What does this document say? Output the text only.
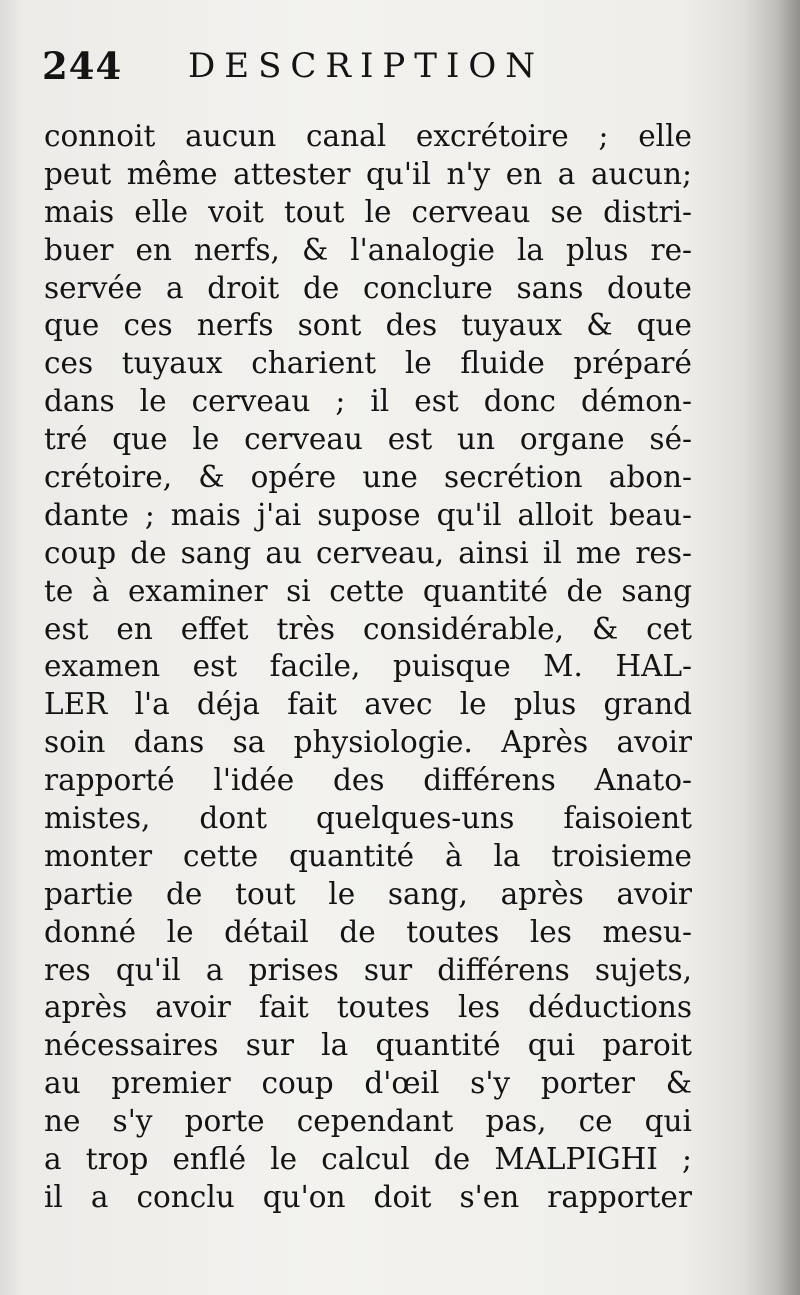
244 DESCRIPTION
connoit aucun canal excrétoire ; elle
peut même attester qu'il n'y en a aucun;
mais elle voit tout le cerveau se distri-
buer en nerfs, & l'analogie la plus re-
servée a droit de conclure sans doute
que ces nerfs sont des tuyaux & que
ces tuyaux charient le fluide préparé
dans le cerveau ; il est donc démon-
tré que le cerveau est un organe sé-
crétoire, & opére une secrétion abon-
dante ; mais j'ai supose qu'il alloit beau-
coup de sang au cerveau, ainsi il me res-
te à examiner si cette quantité de sang
est en effet très considérable, & cet
examen est facile, puisque M. HAL-
LER l'a déja fait avec le plus grand
soin dans sa physiologie. Après avoir
rapporté l'idée des différens Anato-
mistes, dont quelques-uns faisoient
monter cette quantité à la troisieme
partie de tout le sang, après avoir
donné le détail de toutes les mesu-
res qu'il a prises sur différens sujets,
après avoir fait toutes les déductions
nécessaires sur la quantité qui paroit
au premier coup d'œil s'y porter &
ne s'y porte cependant pas, ce qui
a trop enflé le calcul de MALPIGHI ;
il a conclu qu'on doit s'en rapporter
